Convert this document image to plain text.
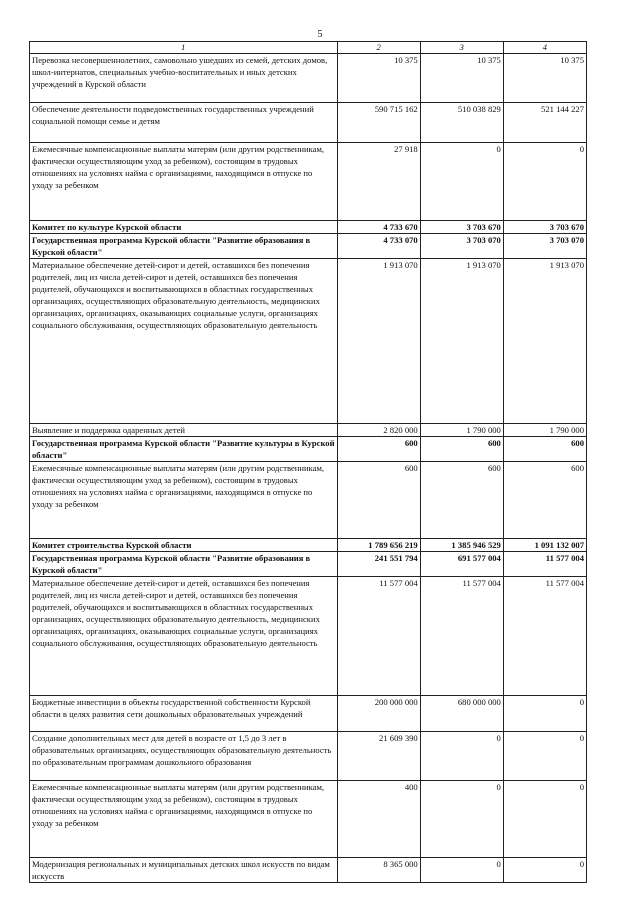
5
1	2	3	4
Перевозка несовершеннолетних, самовольно ушедших из семей, детских домов, школ-интернатов, специальных учебно-воспитательных и иных детских учреждений в Курской области	10 375	10 375	10 375
Обеспечение деятельности подведомственных государственных учреждений социальной помощи семье и детям	590 715 162	510 038 829	521 144 227
Ежемесячные компенсационные выплаты матерям (или другим родственникам, фактически осуществляющим уход за ребенком), состоящим в трудовых отношениях на условиях найма с организациями, находящимся в отпуске по уходу за ребенком	27 918	0	0
Комитет по культуре Курской области	4 733 670	3 703 670	3 703 670
Государственная программа Курской области "Развитие образования в Курской области"	4 733 070	3 703 070	3 703 070
Материальное обеспечение детей-сирот и детей, оставшихся без попечения родителей, лиц из числа детей-сирот и детей, оставшихся без попечения родителей, обучающихся и воспитывающихся в областных государственных организациях, осуществляющих образовательную деятельность, медицинских организациях, организациях, оказывающих социальные услуги, организациях социального обслуживания, осуществляющих образовательную деятельность	1 913 070	1 913 070	1 913 070
Выявление и поддержка одаренных детей	2 820 000	1 790 000	1 790 000
Государственная программа Курской области "Развитие культуры в Курской области"	600	600	600
Ежемесячные компенсационные выплаты матерям (или другим родственникам, фактически осуществляющим уход за ребенком), состоящим в трудовых отношениях на условиях найма с организациями, находящимся в отпуске по уходу за ребенком	600	600	600
Комитет строительства Курской области	1 789 656 219	1 385 946 529	1 091 132 007
Государственная программа Курской области "Развитие образования в Курской области"	241 551 794	691 577 004	11 577 004
Материальное обеспечение детей-сирот и детей, оставшихся без попечения родителей, лиц из числа детей-сирот и детей, оставшихся без попечения родителей, обучающихся и воспитывающихся в областных государственных организациях, осуществляющих образовательную деятельность, медицинских организациях, организациях, оказывающих социальные услуги, организациях социального обслуживания, осуществляющих образовательную деятельность	11 577 004	11 577 004	11 577 004
Бюджетные инвестиции в объекты государственной собственности Курской области в целях развития сети дошкольных образовательных учреждений	200 000 000	680 000 000	0
Создание дополнительных мест для детей в возрасте от 1,5 до 3 лет в образовательных организациях, осуществляющих образовательную деятельность по образовательным программам дошкольного образования	21 609 390	0	0
Ежемесячные компенсационные выплаты матерям (или другим родственникам, фактически осуществляющим уход за ребенком), состоящим в трудовых отношениях на условиях найма с организациями, находящимся в отпуске по уходу за ребенком	400	0	0
Модернизация региональных и муниципальных детских школ искусств по видам искусств	8 365 000	0	0
